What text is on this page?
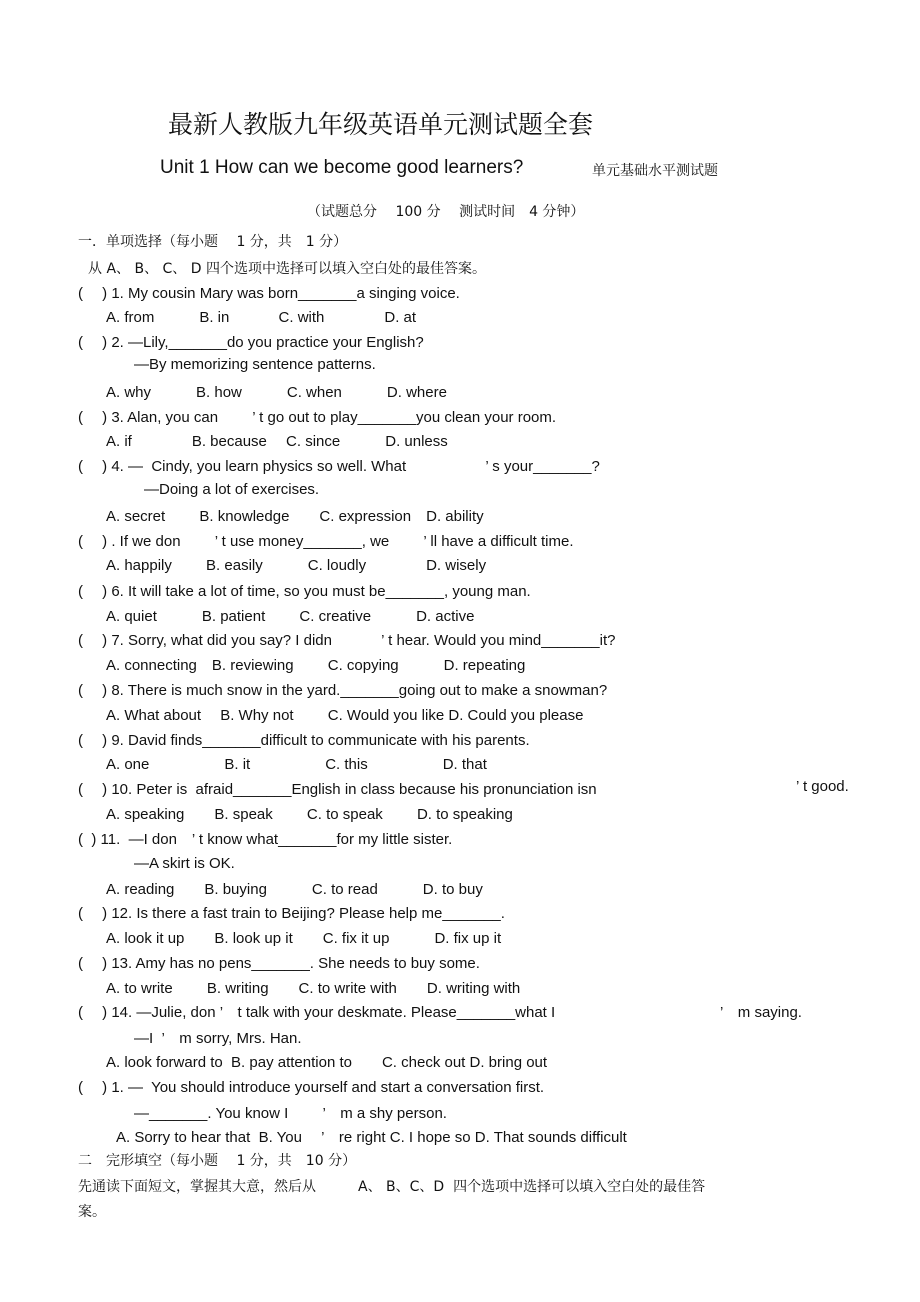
最新人教版九年级英语单元测试题全套
Unit 1 How can we become good learners?	单元基础水平测试题
（试题总分　 100 分　 测试时间　4 分钟）
一．单项选择（每小题　 1 分，共　1 分）
从 A、 B、 C、 D 四个选项中选择可以填入空白处的最佳答案。
(　 ) 1. My cousin Mary was born_______a singing voice.
A. from　　　B. in　　　 C. with　　　　D. at
(　 ) 2. —Lily,_______do you practice your English?
—By memorizing sentence patterns.
A. why　　　B. how　　　C. when　　　D. where
(　 ) 3. Alan, you can　　 ’ t go out to play_______you clean your room.
A. if　　　　B. because　 C. since　　　D. unless
(　 ) 4. —  Cindy, you learn physics so well. What　　　　　 ’ s your_______?
—Doing a lot of exercises.
A. secret　　 B. knowledge　　C. expression　D. ability
(　 ) . If we don　　 ’ t use money_______, we　　 ’ ll have a difficult time.
A. happily　　 B. easily　　　C. loudly　　　　D. wisely
(　 ) 6. It will take a lot of time, so you must be_______, young man.
A. quiet　　　B. patient　　 C. creative　　　D. active
(　 ) 7. Sorry, what did you say? I didn　　　 ’ t hear. Would you mind_______it?
A. connecting　B. reviewing　　 C. copying　　　D. repeating
(　 ) 8. There is much snow in the yard._______going out to make a snowman?
A. What about　 B. Why not　　 C. Would you like D. Could you please
(　 ) 9. David finds_______difficult to communicate with his parents.
A. one　　　　　B. it　　　　　C. this　　　　　D. that
(　 ) 10. Peter is  afraid_______English in class because his pronunciation isn	’ t good.
A. speaking　　B. speak　　 C. to speak　　 D. to speaking
(  ) 11.  —I don　’ t know what_______for my little sister.
—A skirt is OK.
A. reading　　B. buying　　　C. to read　　　D. to buy
(　 ) 12. Is there a fast train to Beijing? Please help me_______.
A. look it up　　B. look up it　　C. fix it up　　　D. fix up it
(　 ) 13. Amy has no pens_______. She needs to buy some.
A. to write　　 B. writing　　C. to write with　　D. writing with
(　 ) 14. —Julie, don ’　t talk with your deskmate. Please_______what I	’　m saying.
—I  ’　m sorry, Mrs. Han.
A. look forward to  B. pay attention to　　C. check out D. bring out
(　 ) 1. —  You should introduce yourself and start a conversation first.
—_______. You know I　　 ’　m a shy person.
A. Sorry to hear that  B. You　 ’　re right C. I hope so D. That sounds difficult
二　完形填空（每小题　 1 分，共　10 分）
先通读下面短文，掌握其大意，然后从　　　A、 B、C、D  四个选项中选择可以填入空白处的最佳答
案。
